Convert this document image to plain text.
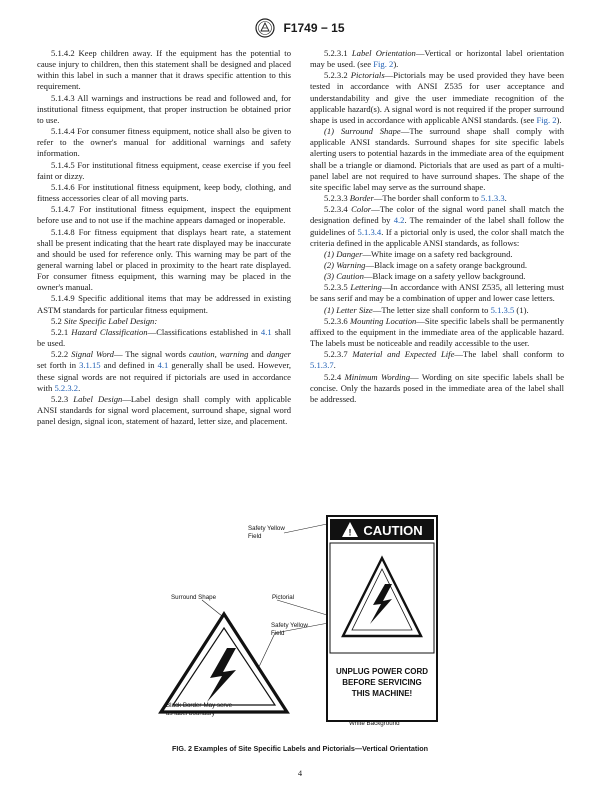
F1749 − 15

5.1.4.2 Keep children away. If the equipment has the potential to cause injury to children, then this statement shall be designed and placed within this label in such a manner that it draws specific attention to this requirement.

5.1.4.3 All warnings and instructions be read and followed and, for institutional fitness equipment, that proper instruction be obtained prior to use.

5.1.4.4 For consumer fitness equipment, notice shall also be given to refer to the owner's manual for additional warnings and safety information.

5.1.4.5 For institutional fitness equipment, cease exercise if you feel faint or dizzy.

5.1.4.6 For institutional fitness equipment, keep body, clothing, and fitness accessories clear of all moving parts.

5.1.4.7 For institutional fitness equipment, inspect the equipment before use and to not use if the machine appears damaged or inoperable.

5.1.4.8 For fitness equipment that displays heart rate, a statement shall be present indicating that the heart rate displayed may be inaccurate and should be used for reference only. This warning may be part of the general warning label or placed in proximity to the heart rate displayed. For consumer fitness equipment, this warning may be placed in the owner's manual.

5.1.4.9 Specific additional items that may be addressed in existing ASTM standards for particular fitness equipment.

5.2 Site Specific Label Design:

5.2.1 Hazard Classification—Classifications established in 4.1 shall be used.

5.2.2 Signal Word— The signal words caution, warning and danger set forth in 3.1.15 and defined in 4.1 generally shall be used. However, these signal words are not required if pictorials are used in accordance with 5.2.3.2.

5.2.3 Label Design—Label design shall comply with applicable ANSI standards for signal word placement, surround shape, signal word panel design, signal icon, statement of hazard, letter size, and placement.

5.2.3.1 Label Orientation—Vertical or horizontal label orientation may be used. (see Fig. 2).

5.2.3.2 Pictorials—Pictorials may be used provided they have been tested in accordance with ANSI Z535 for user acceptance and understandability and give the user immediate recognition of the applicable hazard(s). A signal word is not required if the proper surround shape is used in accordance with applicable ANSI standards. (see Fig. 2).

(1) Surround Shape—The surround shape shall comply with applicable ANSI standards. Surround shapes for site specific labels alerting users to potential hazards in the immediate area of the equipment shall be a triangle or diamond. Pictorials that are used as part of a multi-panel label are not required to have surround shapes. The shape of the site specific label may serve as the surround shape.

5.2.3.3 Border—The border shall conform to 5.1.3.3.

5.2.3.4 Color—The color of the signal word panel shall match the designation defined by 4.2. The remainder of the label shall follow the guidelines of 5.1.3.4. If a pictorial only is used, the color shall match the criteria defined in the applicable ANSI standards, as follows:

(1) Danger—White image on a safety red background.

(2) Warning—Black image on a safety orange background.

(3) Caution—Black image on a safety yellow background.

5.2.3.5 Lettering—In accordance with ANSI Z535, all lettering must be sans serif and may be a combination of upper and lower case letters.

(1) Letter Size—The letter size shall conform to 5.1.3.5 (1).

5.2.3.6 Mounting Location—Site specific labels shall be permanently affixed to the equipment in the immediate area of the applicable hazard. The labels must be noticeable and readily accessible to the user.

5.2.3.7 Material and Expected Life—The label shall conform to 5.1.3.7.

5.2.4 Minimum Wording— Wording on site specific labels shall be concise. Only the hazards posed in the immediate area of the label shall be addressed.

! CAUTION
UNPLUG POWER CORD
BEFORE SERVICING
THIS MACHINE!
Safety Yellow
Field
Pictorial
Surround Shape
Safety Yellow
Field
Black Border-May serve
as label boundary
White Background
FIG. 2 Examples of Site Specific Labels and Pictorials—Vertical Orientation
4
